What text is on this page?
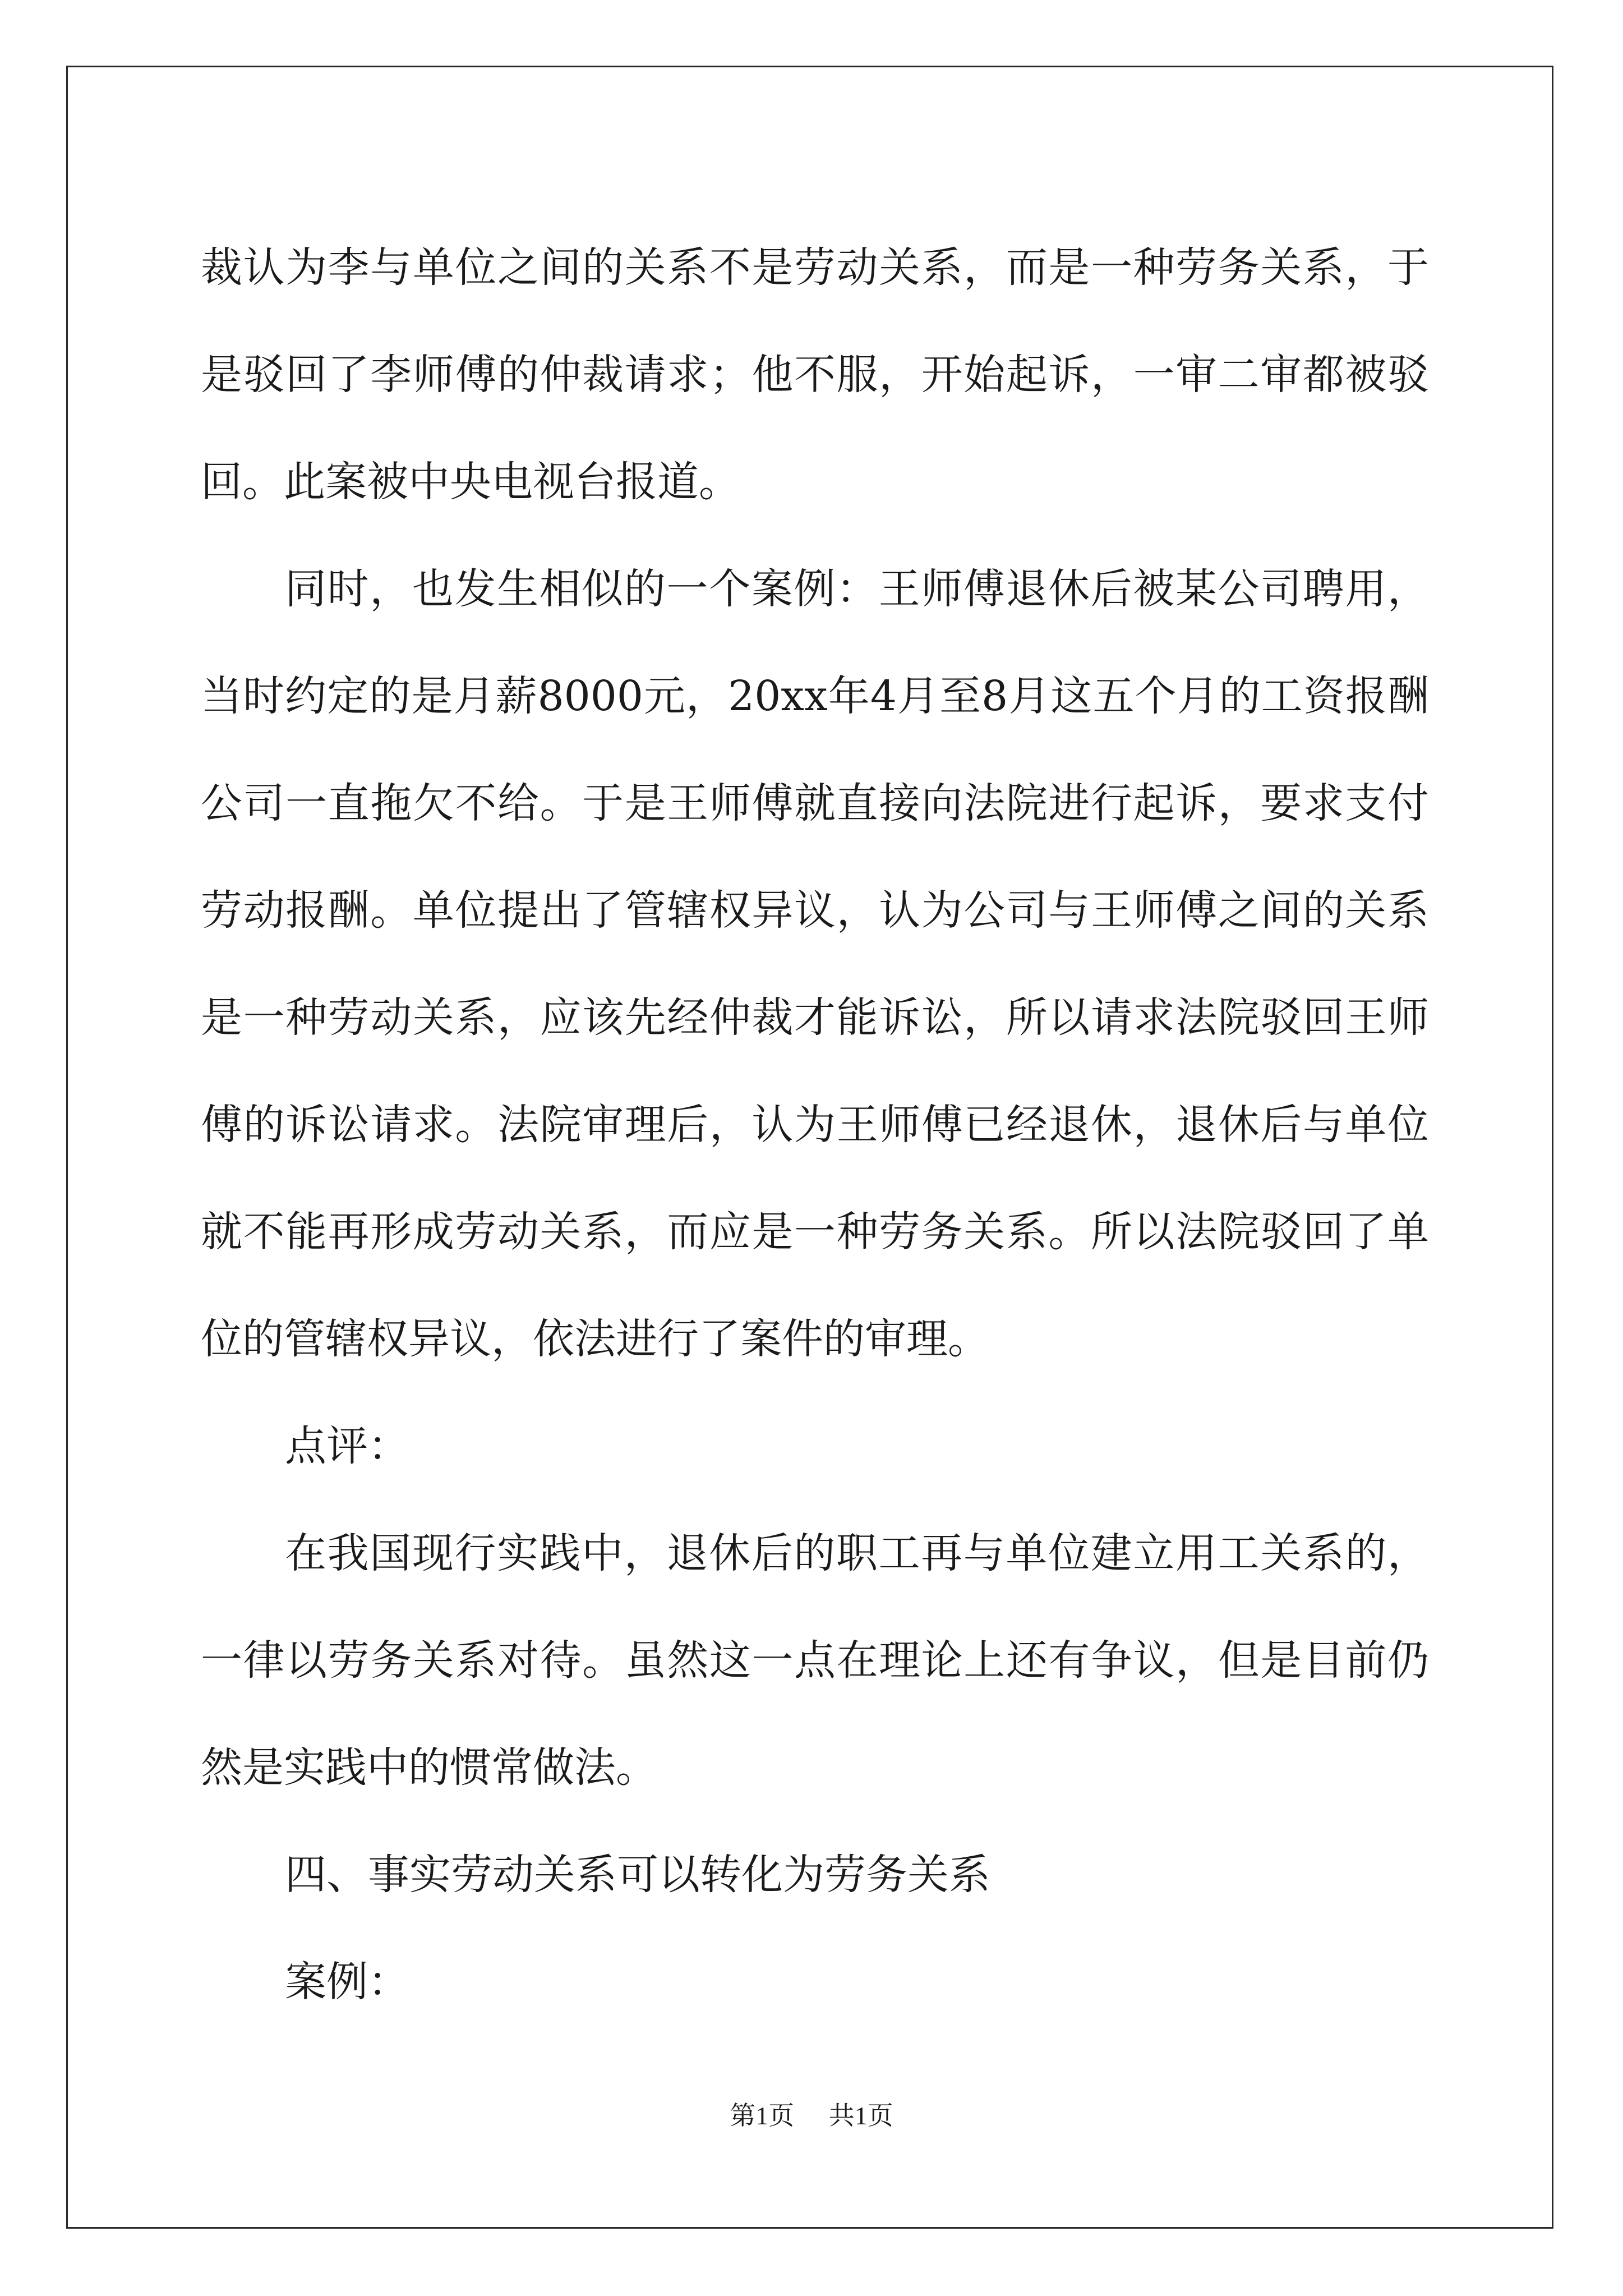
裁认为李与单位之间的关系不是劳动关系，而是一种劳务关系，于是驳回了李师傅的仲裁请求；他不服，开始起诉，一审二审都被驳回。此案被中央电视台报道。

同时，也发生相似的一个案例：王师傅退休后被某公司聘用，当时约定的是月薪8000元，20xx年4月至8月这五个月的工资报酬公司一直拖欠不给。于是王师傅就直接向法院进行起诉，要求支付劳动报酬。单位提出了管辖权异议，认为公司与王师傅之间的关系是一种劳动关系，应该先经仲裁才能诉讼，所以请求法院驳回王师傅的诉讼请求。法院审理后，认为王师傅已经退休，退休后与单位就不能再形成劳动关系，而应是一种劳务关系。所以法院驳回了单位的管辖权异议，依法进行了案件的审理。

点评：

在我国现行实践中，退休后的职工再与单位建立用工关系的，一律以劳务关系对待。虽然这一点在理论上还有争议，但是目前仍然是实践中的惯常做法。

四、事实劳动关系可以转化为劳务关系

案例：

第1页 共1页
